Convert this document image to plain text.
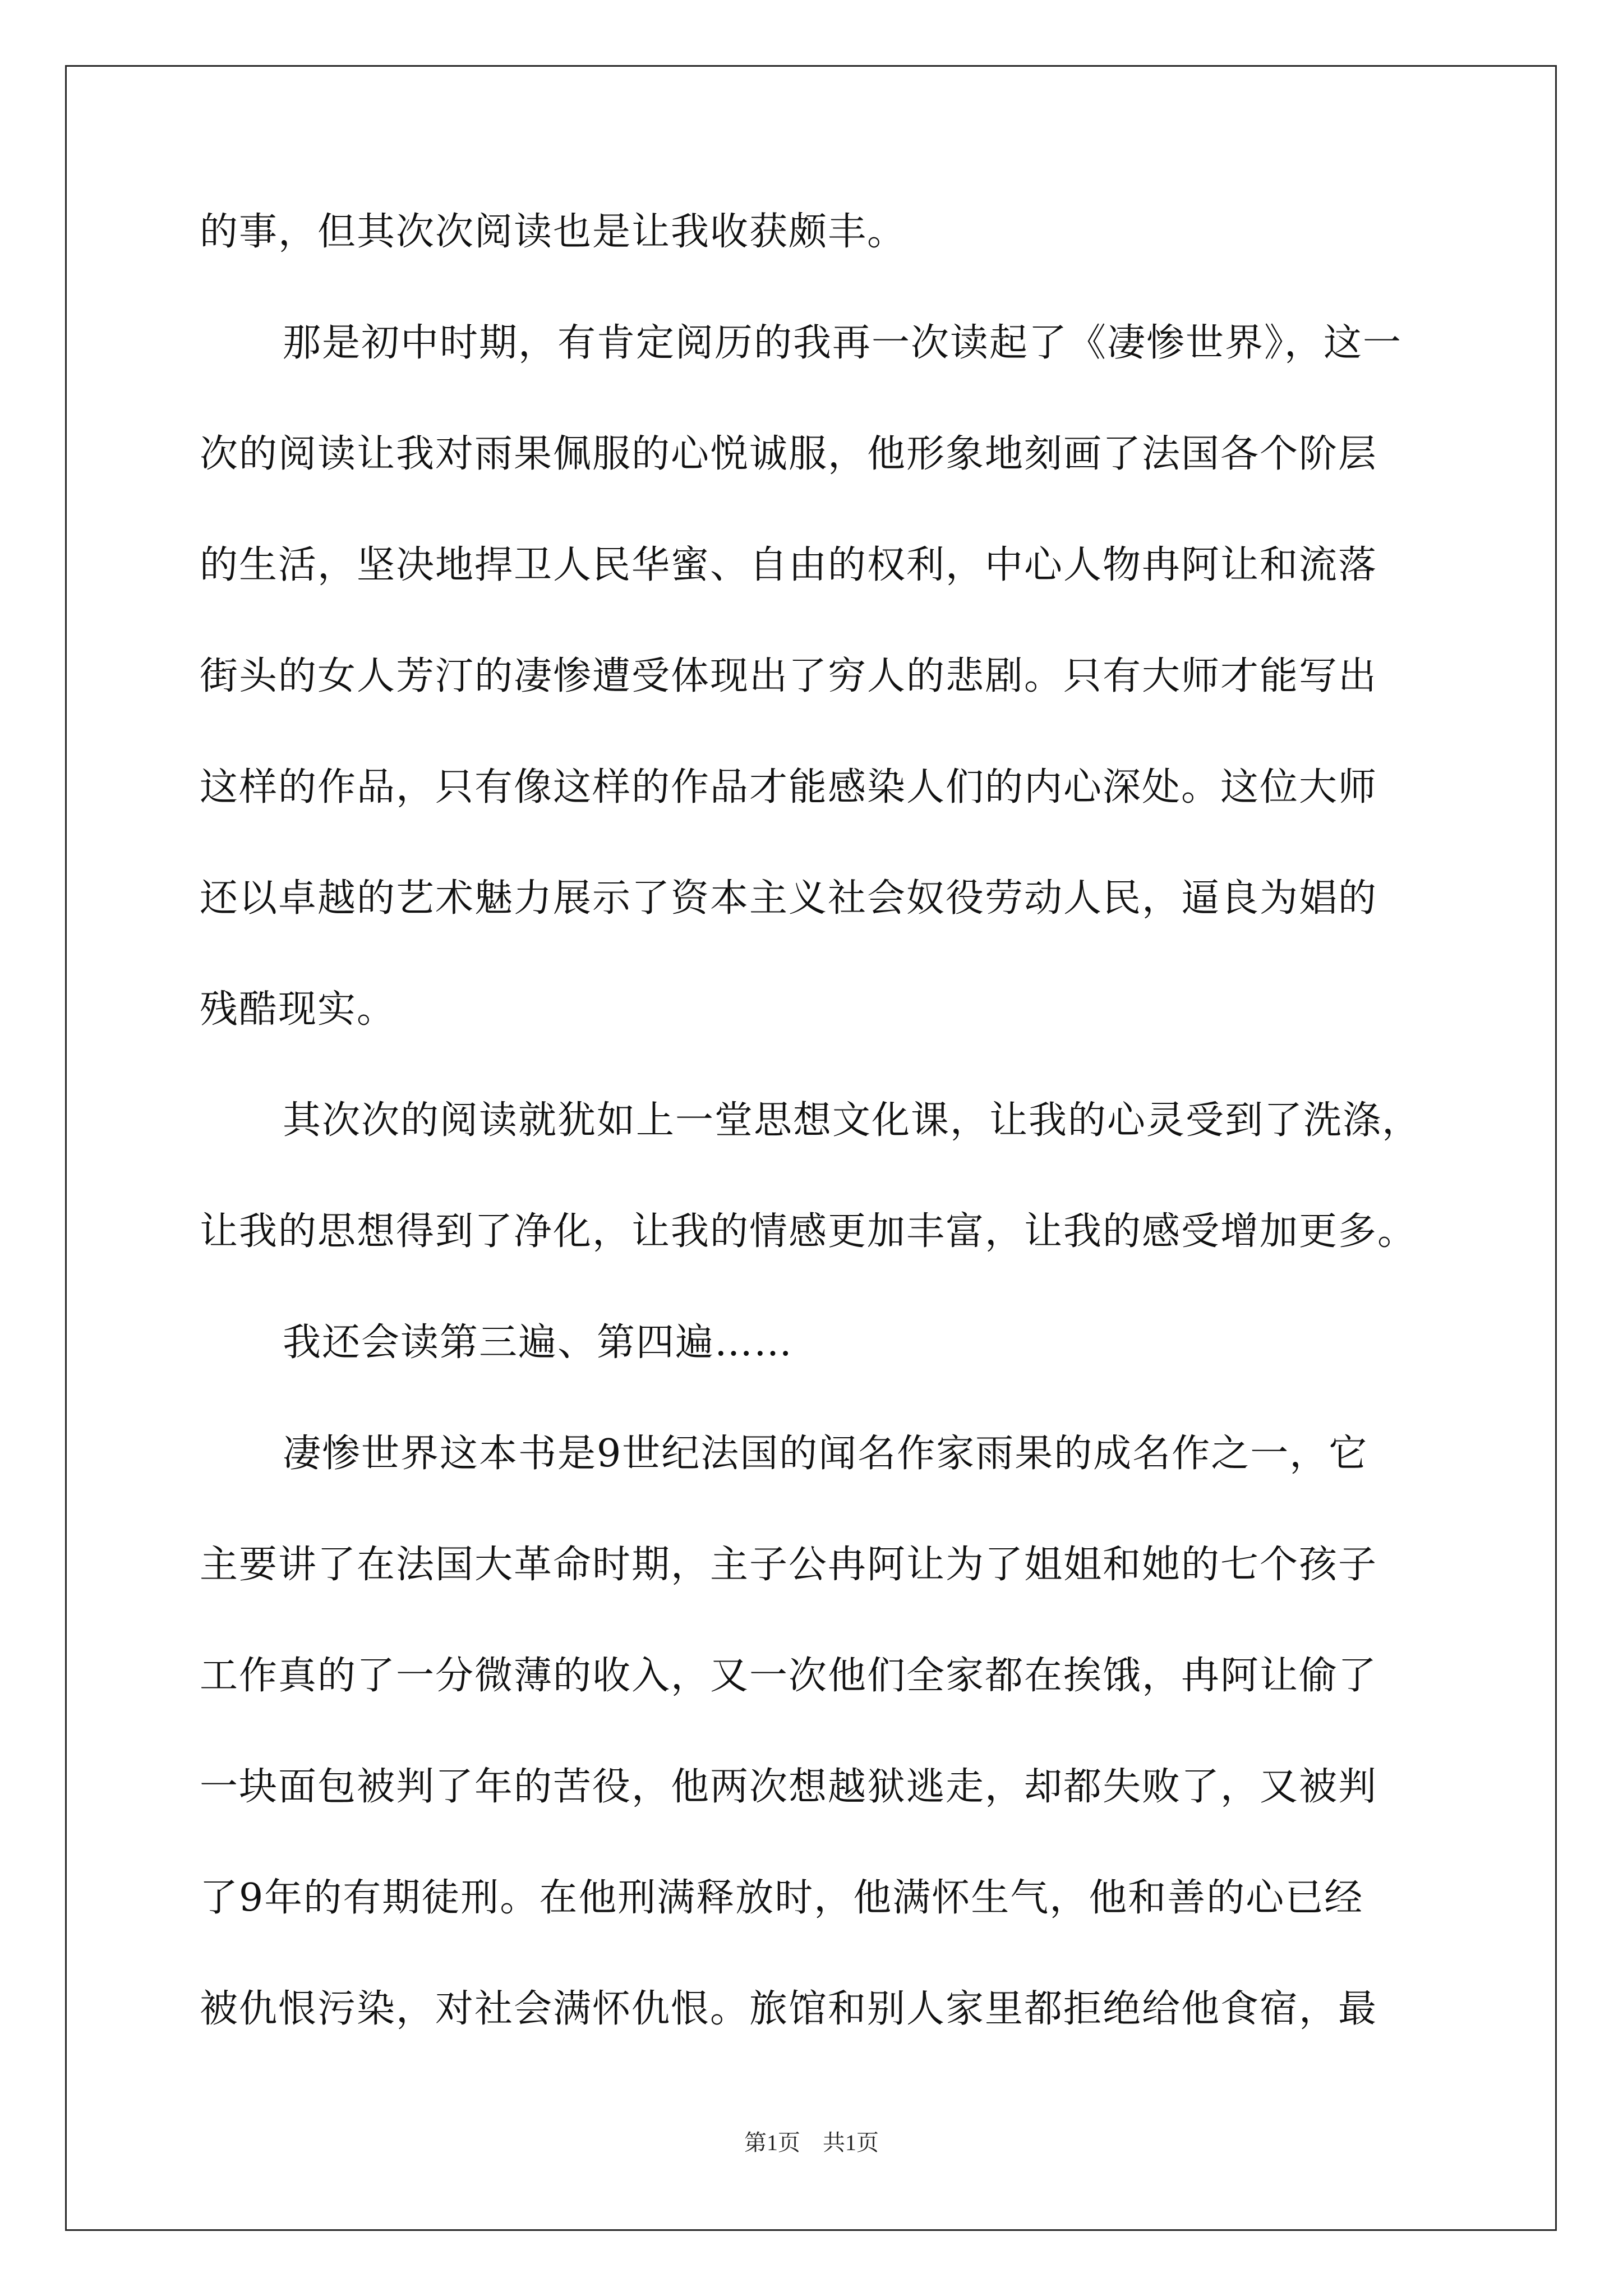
的事，但其次次阅读也是让我收获颇丰。
那是初中时期，有肯定阅历的我再一次读起了《凄惨世界》，这一
次的阅读让我对雨果佩服的心悦诚服，他形象地刻画了法国各个阶层
的生活，坚决地捍卫人民华蜜、自由的权利，中心人物冉阿让和流落
街头的女人芳汀的凄惨遭受体现出了穷人的悲剧。只有大师才能写出
这样的作品，只有像这样的作品才能感染人们的内心深处。这位大师
还以卓越的艺术魅力展示了资本主义社会奴役劳动人民，逼良为娼的
残酷现实。
其次次的阅读就犹如上一堂思想文化课，让我的心灵受到了洗涤，
让我的思想得到了净化，让我的情感更加丰富，让我的感受增加更多。
我还会读第三遍、第四遍……
凄惨世界这本书是9世纪法国的闻名作家雨果的成名作之一，它
主要讲了在法国大革命时期，主子公冉阿让为了姐姐和她的七个孩子
工作真的了一分微薄的收入，又一次他们全家都在挨饿，冉阿让偷了
一块面包被判了年的苦役，他两次想越狱逃走，却都失败了，又被判
了9年的有期徒刑。在他刑满释放时，他满怀生气，他和善的心已经
被仇恨污染，对社会满怀仇恨。旅馆和别人家里都拒绝给他食宿，最
第1页 共1页
